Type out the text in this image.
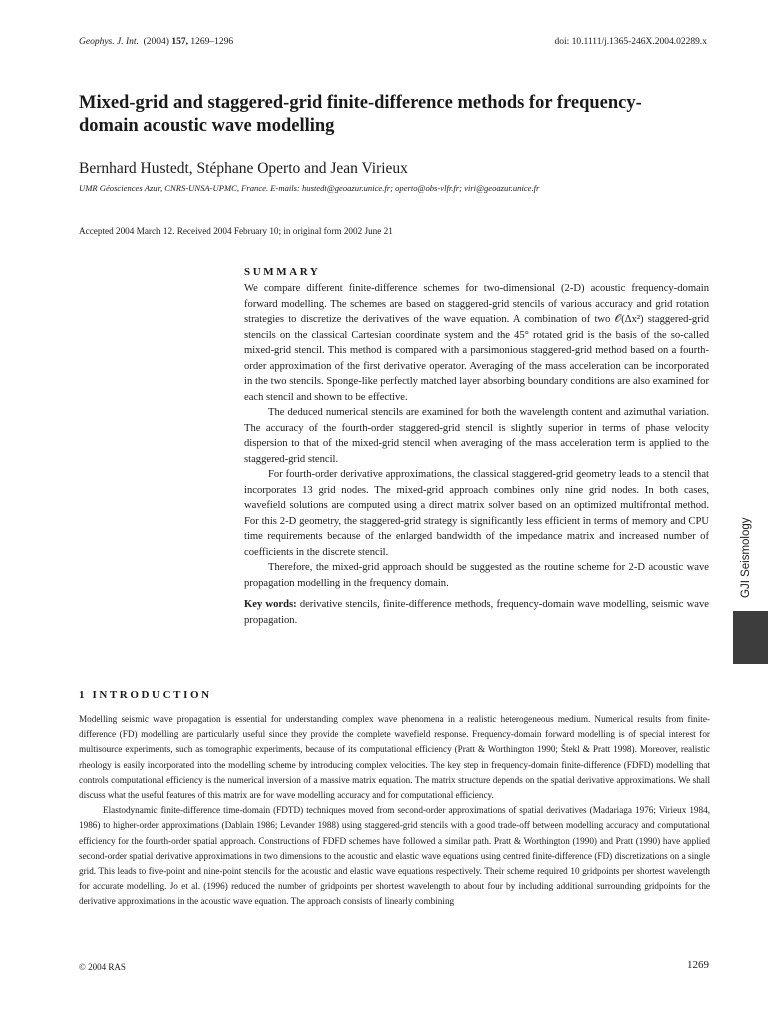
Geophys. J. Int. (2004) 157, 1269–1296	doi: 10.1111/j.1365-246X.2004.02289.x
Mixed-grid and staggered-grid finite-difference methods for frequency-domain acoustic wave modelling
Bernhard Hustedt, Stéphane Operto and Jean Virieux
UMR Géosciences Azur, CNRS-UNSA-UPMC, France. E-mails: hustedt@geoazur.unice.fr; operto@obs-vlfr.fr; viri@geoazur.unice.fr
Accepted 2004 March 12. Received 2004 February 10; in original form 2002 June 21
SUMMARY

We compare different finite-difference schemes for two-dimensional (2-D) acoustic frequency-domain forward modelling. The schemes are based on staggered-grid stencils of various accuracy and grid rotation strategies to discretize the derivatives of the wave equation. A combination of two 𝒪(Δx²) staggered-grid stencils on the classical Cartesian coordinate system and the 45° rotated grid is the basis of the so-called mixed-grid stencil. This method is compared with a parsimonious staggered-grid method based on a fourth-order approximation of the first derivative operator. Averaging of the mass acceleration can be incorporated in the two stencils. Sponge-like perfectly matched layer absorbing boundary conditions are also examined for each stencil and shown to be effective.

The deduced numerical stencils are examined for both the wavelength content and azimuthal variation. The accuracy of the fourth-order staggered-grid stencil is slightly superior in terms of phase velocity dispersion to that of the mixed-grid stencil when averaging of the mass acceleration term is applied to the staggered-grid stencil.

For fourth-order derivative approximations, the classical staggered-grid geometry leads to a stencil that incorporates 13 grid nodes. The mixed-grid approach combines only nine grid nodes. In both cases, wavefield solutions are computed using a direct matrix solver based on an optimized multifrontal method. For this 2-D geometry, the staggered-grid strategy is significantly less efficient in terms of memory and CPU time requirements because of the enlarged bandwidth of the impedance matrix and increased number of coefficients in the discrete stencil.

Therefore, the mixed-grid approach should be suggested as the routine scheme for 2-D acoustic wave propagation modelling in the frequency domain.

Key words: derivative stencils, finite-difference methods, frequency-domain wave modelling, seismic wave propagation.

GJI Seismology
1 INTRODUCTION

Modelling seismic wave propagation is essential for understanding complex wave phenomena in a realistic heterogeneous medium. Numerical results from finite-difference (FD) modelling are particularly useful since they provide the complete wavefield response. Frequency-domain forward modelling is of special interest for multisource experiments, such as tomographic experiments, because of its computational efficiency (Pratt & Worthington 1990; Štekl & Pratt 1998). Moreover, realistic rheology is easily incorporated into the modelling scheme by introducing complex velocities. The key step in frequency-domain finite-difference (FDFD) modelling that controls computational efficiency is the numerical inversion of a massive matrix equation. The matrix structure depends on the spatial derivative approximations. We shall discuss what the useful features of this matrix are for wave modelling accuracy and for computational efficiency.

Elastodynamic finite-difference time-domain (FDTD) techniques moved from second-order approximations of spatial derivatives (Madariaga 1976; Virieux 1984, 1986) to higher-order approximations (Dablain 1986; Levander 1988) using staggered-grid stencils with a good trade-off between modelling accuracy and computational efficiency for the fourth-order spatial approach. Constructions of FDFD schemes have followed a similar path. Pratt & Worthington (1990) and Pratt (1990) have applied second-order spatial derivative approximations in two dimensions to the acoustic and elastic wave equations using centred finite-difference (FD) discretizations on a single grid. This leads to five-point and nine-point stencils for the acoustic and elastic wave equations respectively. Their scheme required 10 gridpoints per shortest wavelength for accurate modelling. Jo et al. (1996) reduced the number of gridpoints per shortest wavelength to about four by including additional surrounding gridpoints for the derivative approximations in the acoustic wave equation. The approach consists of linearly combining

© 2004 RAS	1269
